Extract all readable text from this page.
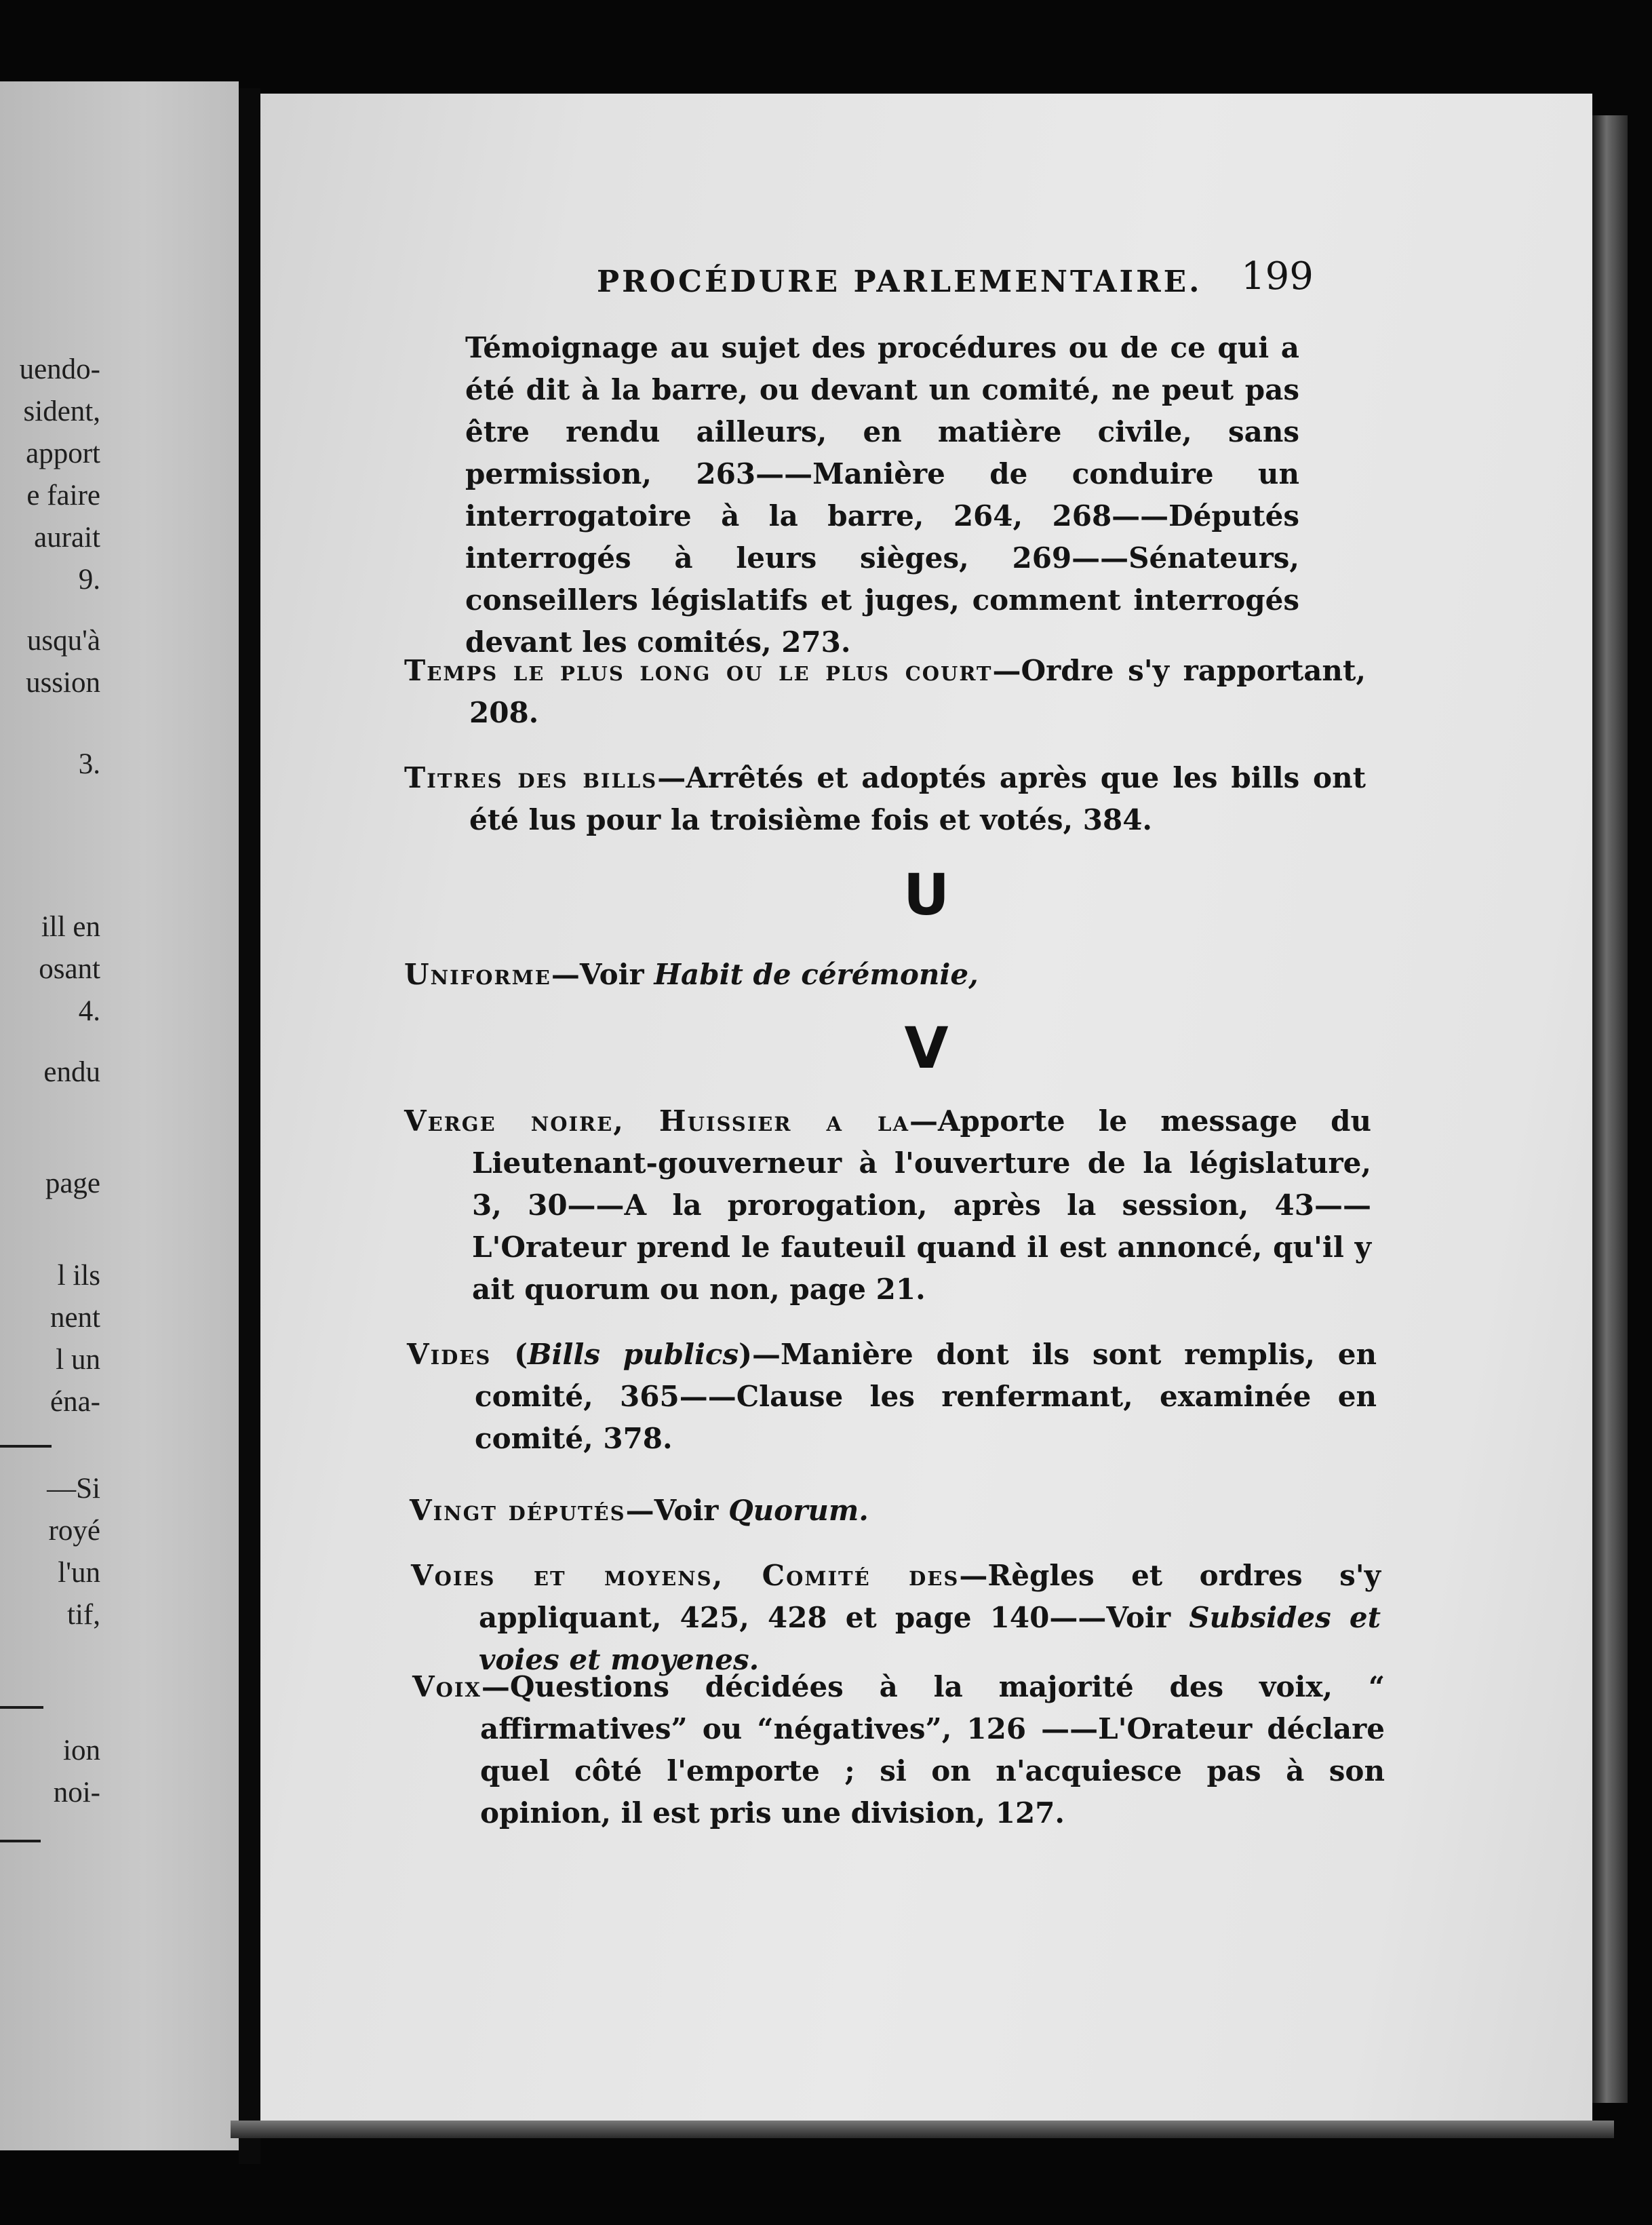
uendo-
sident,
apport
e faire
aurait
9.
usqu'à
ussion
3.
ill en
osant
4.
endu
page
l ils
nent
l un
éna-
—Si
royé
l'un
tif,
ion
noi-
PROCÉDURE PARLEMENTAIRE. 199

Témoignage au sujet des procédures ou de ce qui a été dit à la barre, ou devant un comité, ne peut pas être rendu ailleurs, en matière civile, sans permission, 263——Manière de conduire un interrogatoire à la barre, 264, 268——Députés interrogés à leurs sièges, 269——Sénateurs, conseillers législatifs et juges, comment interrogés devant les comités, 273.

Temps le plus long ou le plus court—Ordre s'y rapportant, 208.

Titres des bills—Arrêtés et adoptés après que les bills ont été lus pour la troisième fois et votés, 384.

U

Uniforme—Voir Habit de cérémonie,

V

Verge noire, Huissier a la—Apporte le message du Lieutenant-gouverneur à l'ouverture de la législature, 3, 30——A la prorogation, après la session, 43——L'Orateur prend le fauteuil quand il est annoncé, qu'il y ait quorum ou non, page 21.

Vides (Bills publics)—Manière dont ils sont remplis, en comité, 365——Clause les renfermant, examinée en comité, 378.

Vingt députés—Voir Quorum.

Voies et moyens, Comité des—Règles et ordres s'y appliquant, 425, 428 et page 140——Voir Subsides et voies et moyenes.

Voix—Questions décidées à la majorité des voix, “ affirmatives” ou “négatives”, 126 ——L'Orateur déclare quel côté l'emporte ; si on n'acquiesce pas à son opinion, il est pris une division, 127.
